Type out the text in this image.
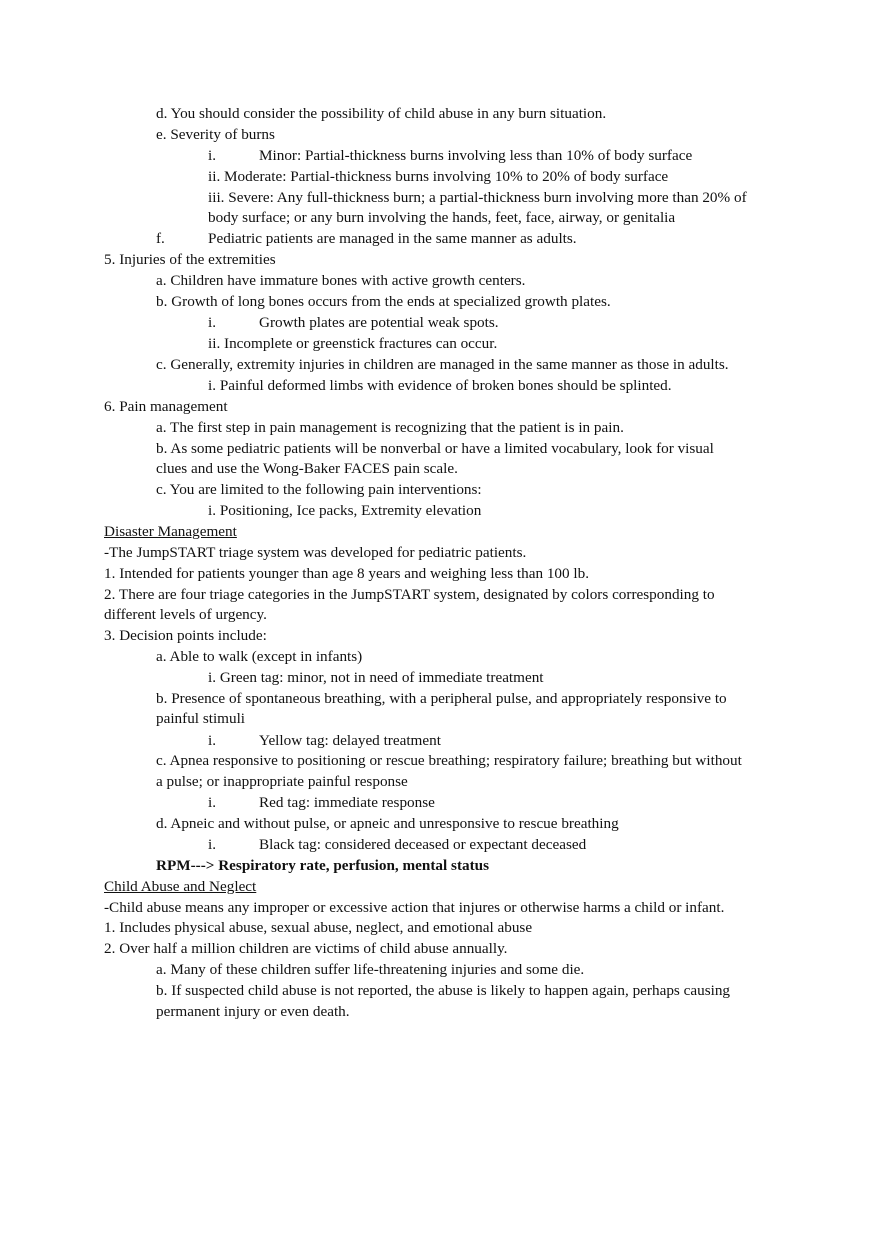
d. You should consider the possibility of child abuse in any burn situation.
e. Severity of burns
i.	Minor: Partial-thickness burns involving less than 10% of body surface
ii. Moderate: Partial-thickness burns involving 10% to 20% of body surface
iii. Severe: Any full-thickness burn; a partial-thickness burn involving more than 20% of
body surface; or any burn involving the hands, feet, face, airway, or genitalia
f.	Pediatric patients are managed in the same manner as adults.
5. Injuries of the extremities
a. Children have immature bones with active growth centers.
b. Growth of long bones occurs from the ends at specialized growth plates.
i.	Growth plates are potential weak spots.
ii. Incomplete or greenstick fractures can occur.
c. Generally, extremity injuries in children are managed in the same manner as those in adults.
i. Painful deformed limbs with evidence of broken bones should be splinted.
6. Pain management
a. The first step in pain management is recognizing that the patient is in pain.
b. As some pediatric patients will be nonverbal or have a limited vocabulary, look for visual
clues and use the Wong-Baker FACES pain scale.
c. You are limited to the following pain interventions:
i. Positioning, Ice packs, Extremity elevation
Disaster Management
-The JumpSTART triage system was developed for pediatric patients.
1. Intended for patients younger than age 8 years and weighing less than 100 lb.
2. There are four triage categories in the JumpSTART system, designated by colors corresponding to
different levels of urgency.
3. Decision points include:
a. Able to walk (except in infants)
i. Green tag: minor, not in need of immediate treatment
b. Presence of spontaneous breathing, with a peripheral pulse, and appropriately responsive to
painful stimuli
i.	Yellow tag: delayed treatment
c. Apnea responsive to positioning or rescue breathing; respiratory failure; breathing but without
a pulse; or inappropriate painful response
i.	Red tag: immediate response
d. Apneic and without pulse, or apneic and unresponsive to rescue breathing
i.	Black tag: considered deceased or expectant deceased
RPM---> Respiratory rate, perfusion, mental status
Child Abuse and Neglect
-Child abuse means any improper or excessive action that injures or otherwise harms a child or infant.
1. Includes physical abuse, sexual abuse, neglect, and emotional abuse
2. Over half a million children are victims of child abuse annually.
a. Many of these children suffer life-threatening injuries and some die.
b. If suspected child abuse is not reported, the abuse is likely to happen again, perhaps causing
permanent injury or even death.
